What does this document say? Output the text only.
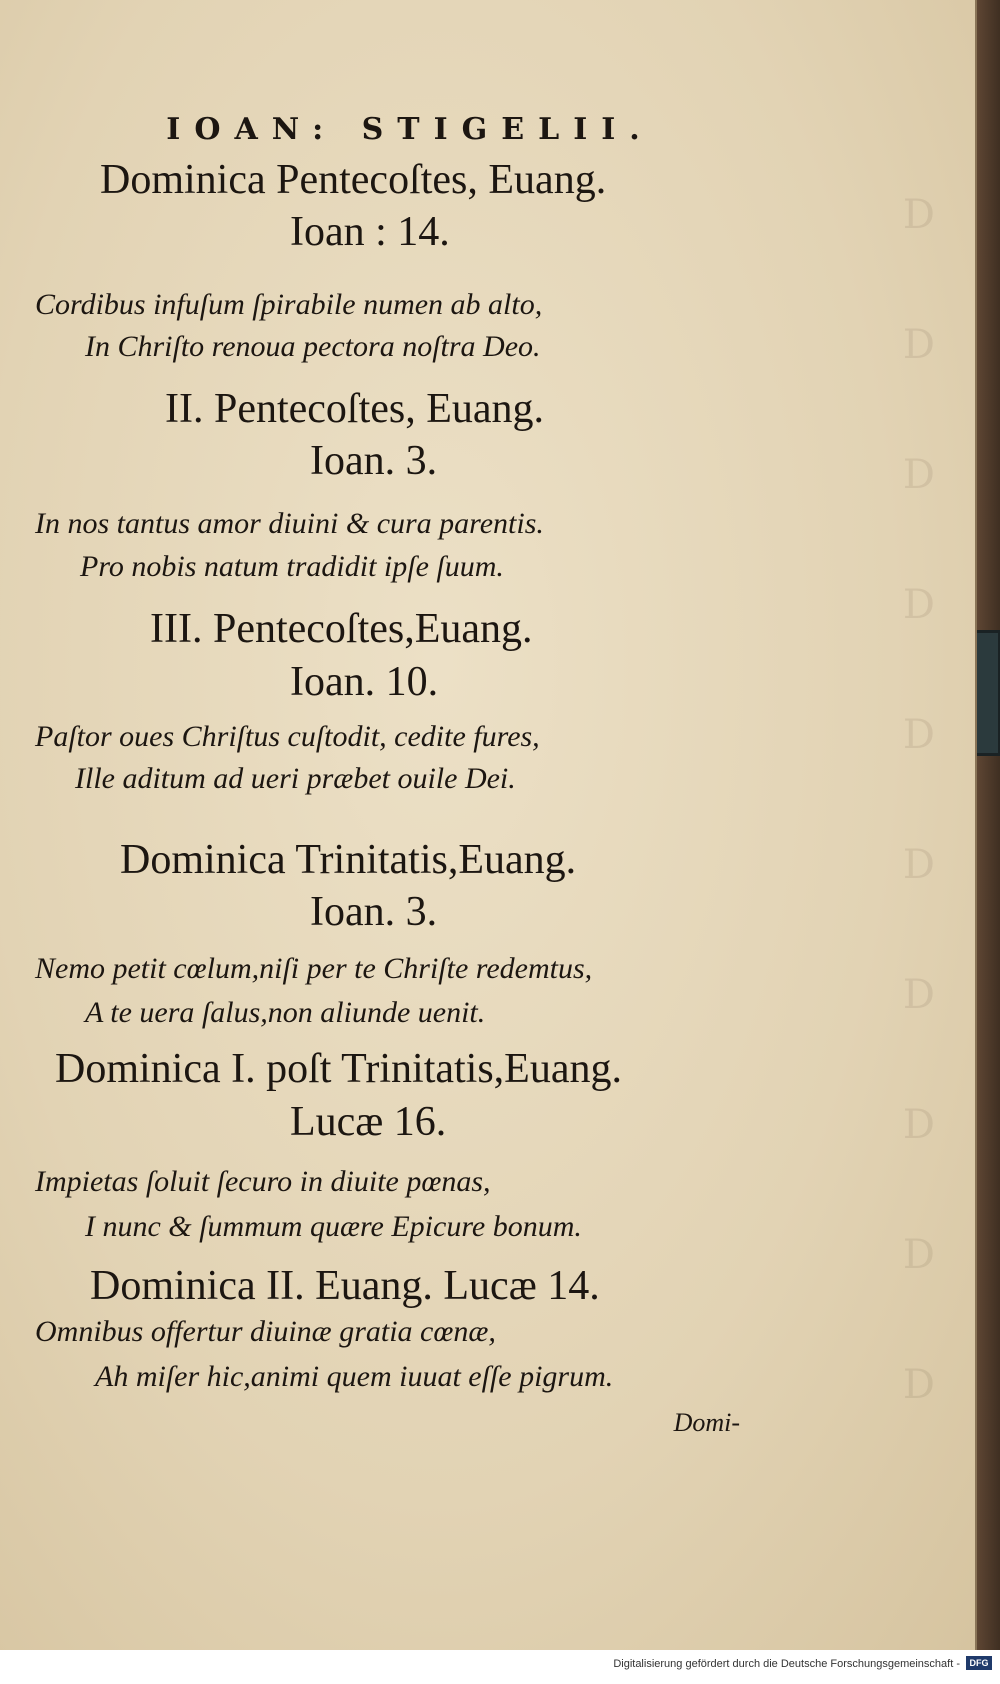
D
D
D
D
D
D
D
D
D
D
IOAN: STIGELII.
Dominica Pentecoſtes, Euang.
Ioan : 14.
Cordibus infuſum ſpirabile numen ab alto,
In Chriſto renoua pectora noſtra Deo.
II. Pentecoſtes, Euang.
Ioan. 3.
In nos tantus amor diuini & cura parentis.
Pro nobis natum tradidit ipſe ſuum.
III. Pentecoſtes,Euang.
Ioan. 10.
Paſtor oues Chriſtus cuſtodit, cedite fures,
Ille aditum ad ueri præbet ouile Dei.
Dominica Trinitatis,Euang.
Ioan. 3.
Nemo petit cœlum,niſi per te Chriſte redemtus,
A te uera ſalus,non aliunde uenit.
Dominica I. poſt Trinitatis,Euang.
Lucæ 16.
Impietas ſoluit ſecuro in diuite pœnas,
I nunc & ſummum quære Epicure bonum.
Dominica II. Euang. Lucæ 14.
Omnibus offertur diuinæ gratia cœnæ,
Ah miſer hic,animi quem iuuat eſſe pigrum.
Domi-
Digitalisierung gefördert durch die Deutsche Forschungsgemeinschaft -	DFG
